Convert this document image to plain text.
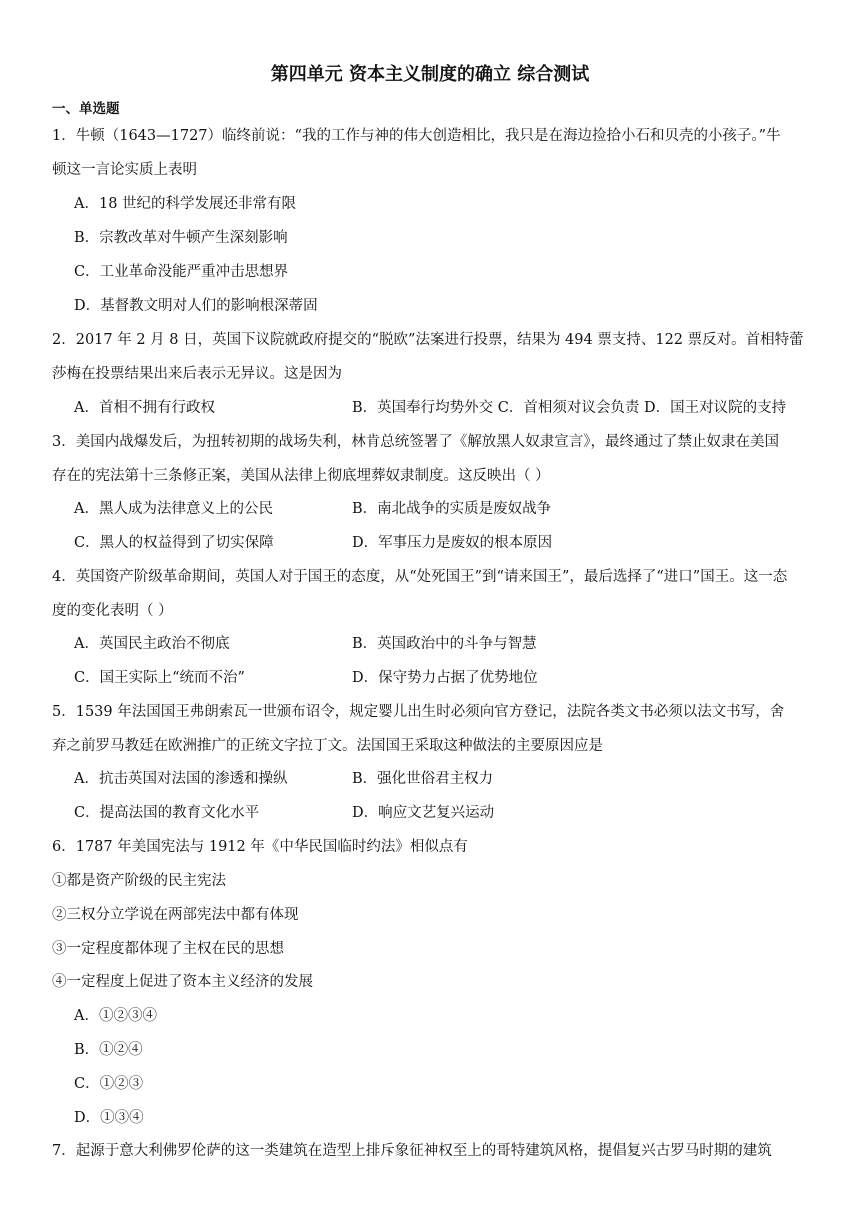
第四单元 资本主义制度的确立 综合测试
一、单选题
1．牛顿（1643—1727）临终前说：“我的工作与神的伟大创造相比，我只是在海边捡拾小石和贝壳的小孩子。”牛
顿这一言论实质上表明
A．18 世纪的科学发展还非常有限
B．宗教改革对牛顿产生深刻影响
C．工业革命没能严重冲击思想界
D．基督教文明对人们的影响根深蒂固
2．2017 年 2 月 8 日，英国下议院就政府提交的“脱欧”法案进行投票，结果为 494 票支持、122 票反对。首相特蕾
莎梅在投票结果出来后表示无异议。这是因为
A．首相不拥有行政权	B．英国奉行均势外交 C．首相须对议会负责 D．国王对议院的支持
3．美国内战爆发后，为扭转初期的战场失利，林肯总统签署了《解放黑人奴隶宣言》，最终通过了禁止奴隶在美国
存在的宪法第十三条修正案，美国从法律上彻底埋葬奴隶制度。这反映出（ ）
A．黑人成为法律意义上的公民	B．南北战争的实质是废奴战争
C．黑人的权益得到了切实保障	D．军事压力是废奴的根本原因
4．英国资产阶级革命期间，英国人对于国王的态度，从“处死国王”到“请来国王”，最后选择了“进口”国王。这一态
度的变化表明（ ）
A．英国民主政治不彻底	B．英国政治中的斗争与智慧
C．国王实际上“统而不治”	D．保守势力占据了优势地位
5．1539 年法国国王弗朗索瓦一世颁布诏令，规定婴儿出生时必须向官方登记，法院各类文书必须以法文书写，舍
弃之前罗马教廷在欧洲推广的正统文字拉丁文。法国国王采取这种做法的主要原因应是
A．抗击英国对法国的渗透和操纵	B．强化世俗君主权力
C．提高法国的教育文化水平	D．响应文艺复兴运动
6．1787 年美国宪法与 1912 年《中华民国临时约法》相似点有
①都是资产阶级的民主宪法
②三权分立学说在两部宪法中都有体现
③一定程度都体现了主权在民的思想
④一定程度上促进了资本主义经济的发展
A．①②③④
B．①②④
C．①②③
D．①③④
7．起源于意大利佛罗伦萨的这一类建筑在造型上排斥象征神权至上的哥特建筑风格，提倡复兴古罗马时期的建筑
